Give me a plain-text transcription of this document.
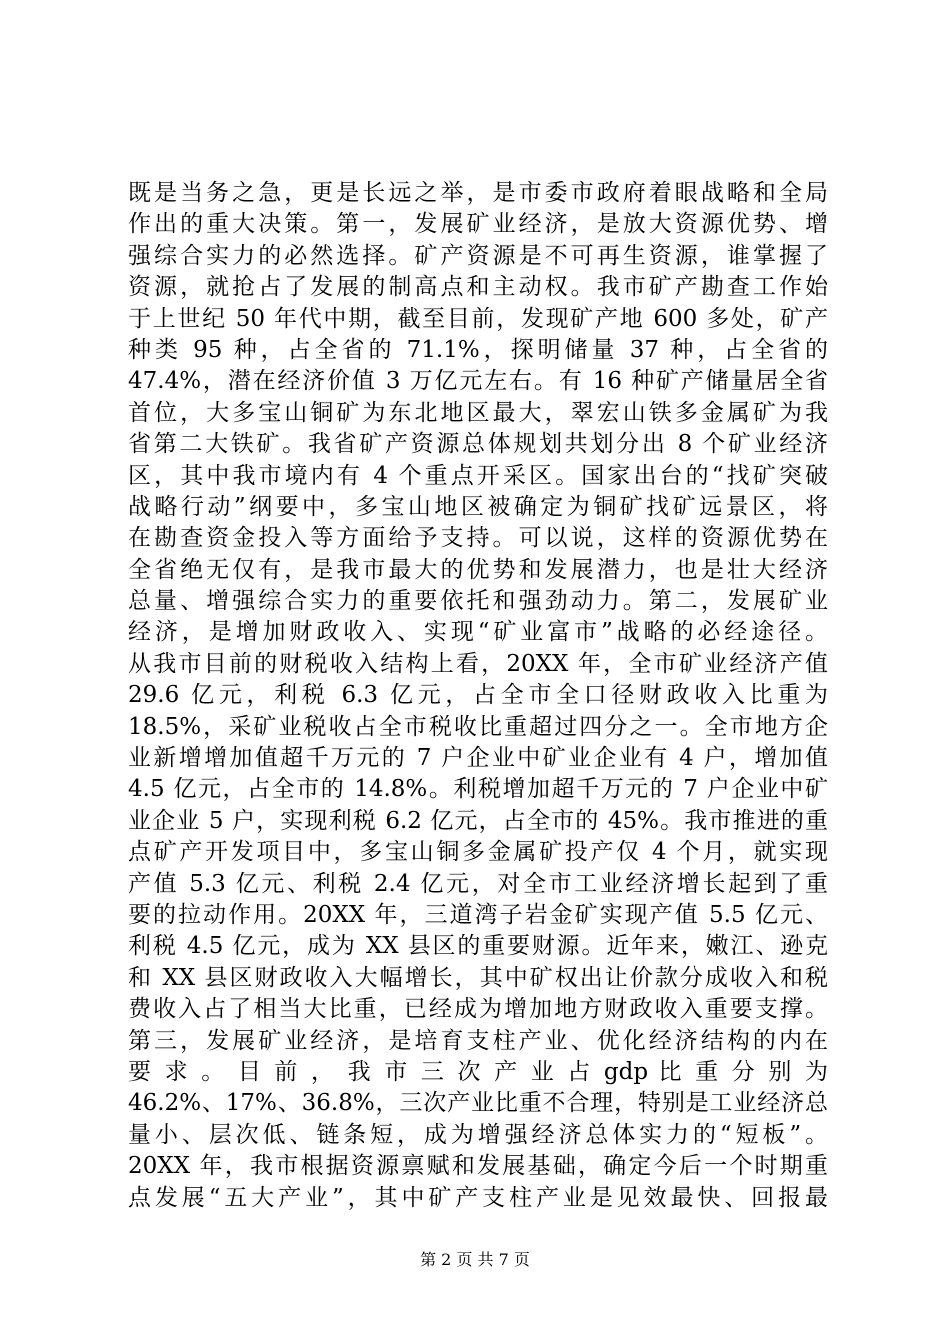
既是当务之急，更是长远之举，是市委市政府着眼战略和全局
作出的重大决策。第一，发展矿业经济，是放大资源优势、增
强综合实力的必然选择。矿产资源是不可再生资源，谁掌握了
资源，就抢占了发展的制高点和主动权。我市矿产勘查工作始
于上世纪 50 年代中期，截至目前，发现矿产地 600 多处，矿产
种类 95 种，占全省的 71.1%，探明储量 37 种，占全省的
47.4%，潜在经济价值 3 万亿元左右。有 16 种矿产储量居全省
首位，大多宝山铜矿为东北地区最大，翠宏山铁多金属矿为我
省第二大铁矿。我省矿产资源总体规划共划分出 8 个矿业经济
区，其中我市境内有 4 个重点开采区。国家出台的“找矿突破
战略行动”纲要中，多宝山地区被确定为铜矿找矿远景区，将
在勘查资金投入等方面给予支持。可以说，这样的资源优势在
全省绝无仅有，是我市最大的优势和发展潜力，也是壮大经济
总量、增强综合实力的重要依托和强劲动力。第二，发展矿业
经济，是增加财政收入、实现“矿业富市”战略的必经途径。
从我市目前的财税收入结构上看，20XX 年，全市矿业经济产值
29.6 亿元，利税 6.3 亿元，占全市全口径财政收入比重为
18.5%，采矿业税收占全市税收比重超过四分之一。全市地方企
业新增增加值超千万元的 7 户企业中矿业企业有 4 户，增加值
4.5 亿元，占全市的 14.8%。利税增加超千万元的 7 户企业中矿
业企业 5 户，实现利税 6.2 亿元，占全市的 45%。我市推进的重
点矿产开发项目中，多宝山铜多金属矿投产仅 4 个月，就实现
产值 5.3 亿元、利税 2.4 亿元，对全市工业经济增长起到了重
要的拉动作用。20XX 年，三道湾子岩金矿实现产值 5.5 亿元、
利税 4.5 亿元，成为 XX 县区的重要财源。近年来，嫩江、逊克
和 XX 县区财政收入大幅增长，其中矿权出让价款分成收入和税
费收入占了相当大比重，已经成为增加地方财政收入重要支撑。
第三，发展矿业经济，是培育支柱产业、优化经济结构的内在
要 求 。 目 前 ， 我 市 三 次 产 业 占 gdp 比 重 分 别 为
46.2%、17%、36.8%，三次产业比重不合理，特别是工业经济总
量小、层次低、链条短，成为增强经济总体实力的“短板”。
20XX 年，我市根据资源禀赋和发展基础，确定今后一个时期重
点发展“五大产业”，其中矿产支柱产业是见效最快、回报最
第 2 页 共 7 页
